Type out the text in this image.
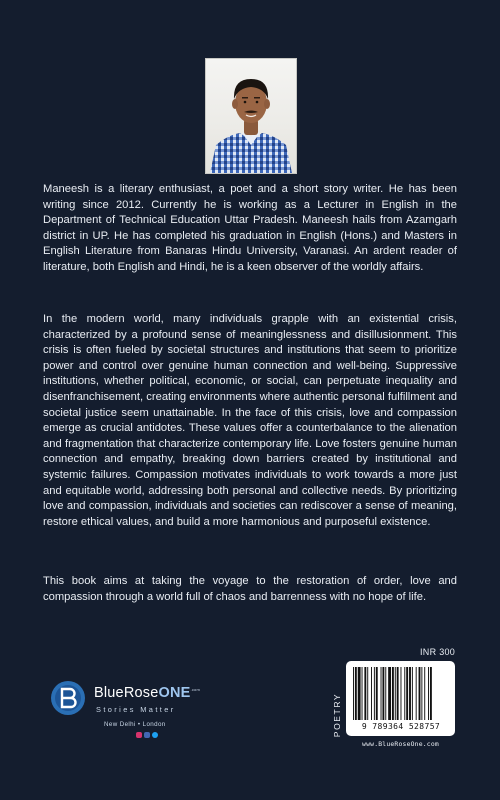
Maneesh is a literary enthusiast, a poet and a short story writer. He has been writing since 2012. Currently he is working as a Lecturer in English in the Department of Technical Education Uttar Pradesh. Maneesh hails from Azamgarh district in UP. He has completed his graduation in English (Hons.) and Masters in English Literature from Banaras Hindu University, Varanasi. An ardent reader of literature, both English and Hindi, he is a keen observer of the worldly affairs.

In the modern world, many individuals grapple with an existential crisis, characterized by a profound sense of meaninglessness and disillusionment. This crisis is often fueled by societal structures and institutions that seem to prioritize power and control over genuine human connection and well-being. Suppressive institutions, whether political, economic, or social, can perpetuate inequality and disenfranchisement, creating environments where authentic personal fulfillment and societal justice seem unattainable. In the face of this crisis, love and compassion emerge as crucial antidotes. These values offer a counterbalance to the alienation and fragmentation that characterize contemporary life. Love fosters genuine human connection and empathy, breaking down barriers created by institutional and systemic failures. Compassion motivates individuals to work towards a more just and equitable world, addressing both personal and collective needs. By prioritizing love and compassion, individuals and societies can rediscover a sense of meaning, restore ethical values, and build a more harmonious and purposeful existence.

This book aims at taking the voyage to the restoration of order, love and compassion through a world full of chaos and barrenness with no hope of life.

INR 300
POETRY	9 789364 528757
www.BlueRoseOne.com
BlueRoseONE$^{.com}$
Stories Matter
New Delhi • London
